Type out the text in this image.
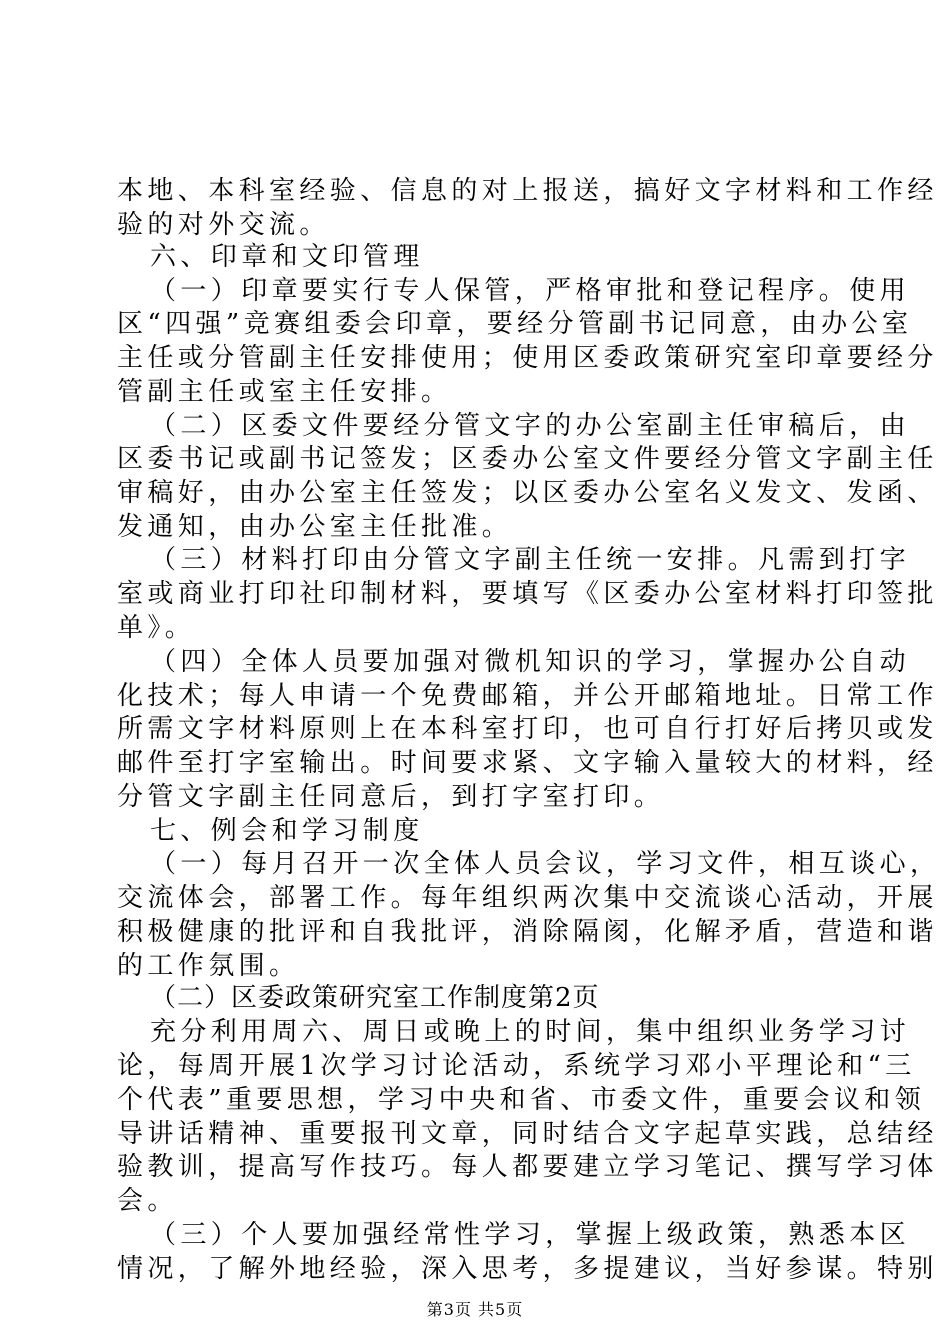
本地、本科室经验、信息的对上报送，搞好文字材料和工作经
验的对外交流。
六、印章和文印管理
（一）印章要实行专人保管，严格审批和登记程序。使用
区“四强”竞赛组委会印章，要经分管副书记同意，由办公室
主任或分管副主任安排使用；使用区委政策研究室印章要经分
管副主任或室主任安排。
（二）区委文件要经分管文字的办公室副主任审稿后，由
区委书记或副书记签发；区委办公室文件要经分管文字副主任
审稿好，由办公室主任签发；以区委办公室名义发文、发函、
发通知，由办公室主任批准。
（三）材料打印由分管文字副主任统一安排。凡需到打字
室或商业打印社印制材料，要填写《区委办公室材料打印签批
单》。
（四）全体人员要加强对微机知识的学习，掌握办公自动
化技术；每人申请一个免费邮箱，并公开邮箱地址。日常工作
所需文字材料原则上在本科室打印，也可自行打好后拷贝或发
邮件至打字室输出。时间要求紧、文字输入量较大的材料，经
分管文字副主任同意后，到打字室打印。
七、例会和学习制度
（一）每月召开一次全体人员会议，学习文件，相互谈心，
交流体会，部署工作。每年组织两次集中交流谈心活动，开展
积极健康的批评和自我批评，消除隔阂，化解矛盾，营造和谐
的工作氛围。
（二）区委政策研究室工作制度第2页
充分利用周六、周日或晚上的时间，集中组织业务学习讨
论，每周开展1次学习讨论活动，系统学习邓小平理论和“三
个代表”重要思想，学习中央和省、市委文件，重要会议和领
导讲话精神、重要报刊文章，同时结合文字起草实践，总结经
验教训，提高写作技巧。每人都要建立学习笔记、撰写学习体
会。
（三）个人要加强经常性学习，掌握上级政策，熟悉本区
情况，了解外地经验，深入思考，多提建议，当好参谋。特别
第3页 共5页
